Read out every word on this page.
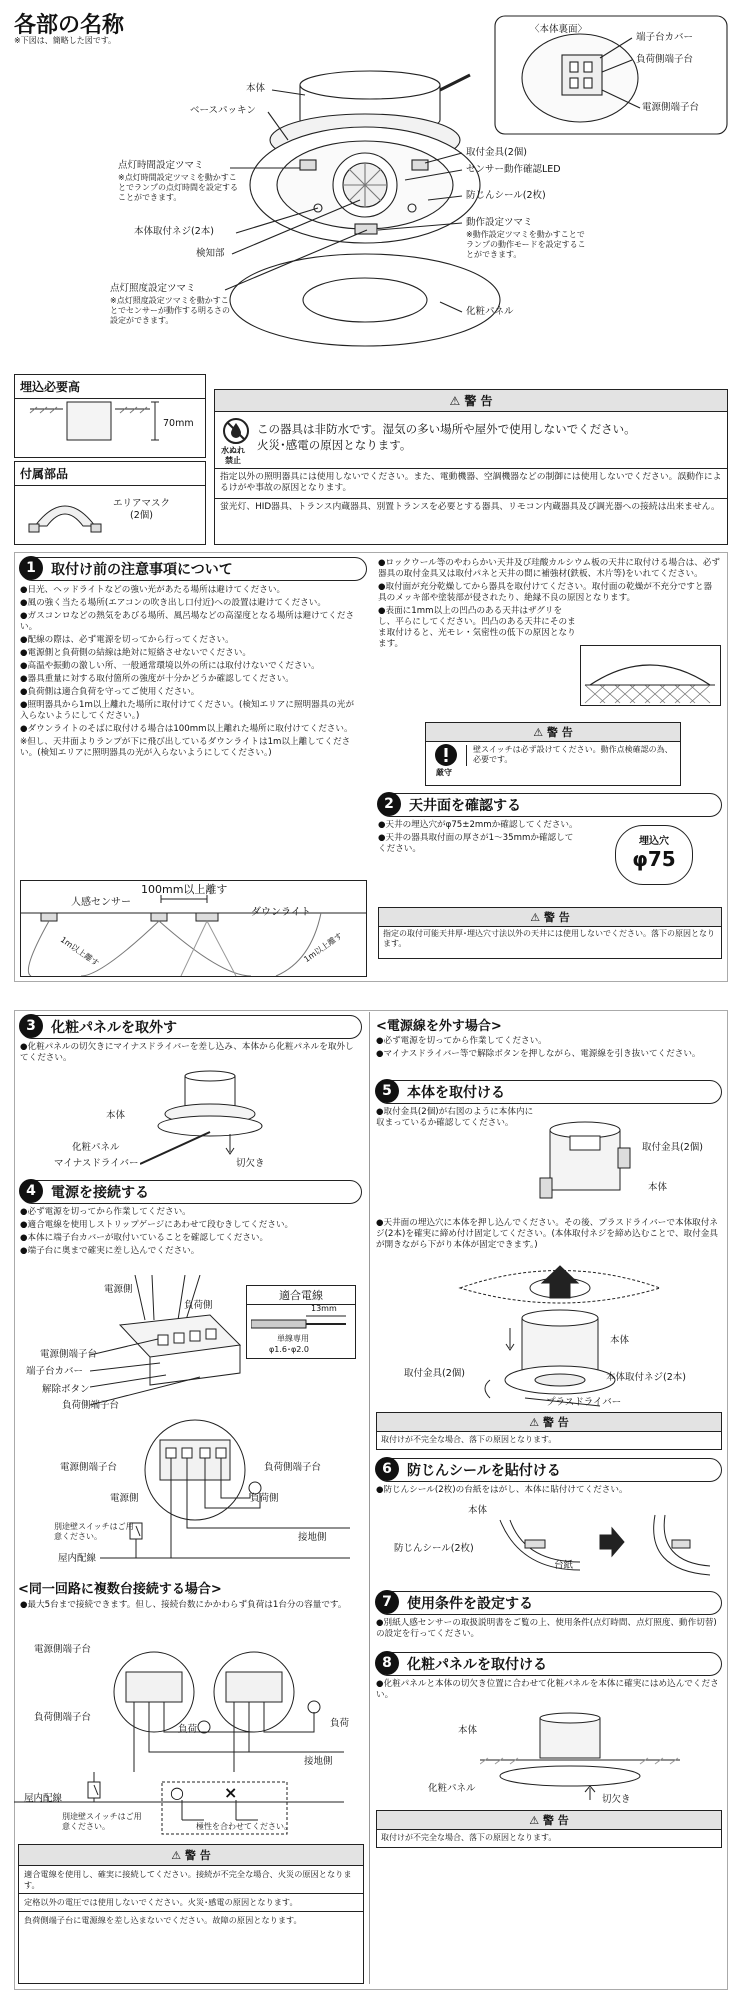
各部の名称
※下図は、簡略した図です。
〈本体裏面〉
端子台カバー
負荷側端子台
電源側端子台
本体
ベースパッキン
点灯時間設定ツマミ
※点灯時間設定ツマミを動かすことでランプの点灯時間を設定することができます。
本体取付ネジ(2本)
検知部
点灯照度設定ツマミ
※点灯照度設定ツマミを動かすことでセンサーが動作する明るさの設定ができます。
取付金具(2個)
センサー動作確認LED
防じんシール(2枚)
動作設定ツマミ
※動作設定ツマミを動かすことでランプの動作モードを設定することができます。
化粧パネル
埋込必要高
70mm
付属部品
エリアマスク
(2個)
⚠ 警 告
水ぬれ
禁止
この器具は非防水です。湿気の多い場所や屋外で使用しないでください。
火災･感電の原因となります。
指定以外の照明器具には使用しないでください。また、電動機器、空調機器などの制御には使用しないでください。誤動作によるけがや事故の原因となります。
蛍光灯、HID器具、トランス内蔵器具、別置トランスを必要とする器具、リモコン内蔵器具及び調光器への接続は出来ません。
1	取付け前の注意事項について

●日光、ヘッドライトなどの強い光があたる場所は避けてください。

●風の強く当たる場所(エアコンの吹き出し口付近)への設置は避けてください。

●ガスコンロなどの熱気をあびる場所、風呂場などの高湿度となる場所は避けてください。

●配線の際は、必ず電源を切ってから行ってください。

●電源側と負荷側の結線は絶対に短絡させないでください。

●高温や振動の激しい所、一般通常環境以外の所には取付けないでください。

●器具重量に対する取付箇所の強度が十分かどうか確認してください。

●負荷側は適合負荷を守ってご使用ください。

●照明器具から1m以上離れた場所に取付けてください。(検知エリアに照明器具の光が入らないようにしてください。)

●ダウンライトのそばに取付ける場合は100mm以上離れた場所に取付けてください。

※但し、天井面よりランプが下に飛び出しているダウンライトは1m以上離してください。(検知エリアに照明器具の光が入らないようにしてください。)

100mm以上離す
人感センサー
ダウンライト
1m以上離す	1m以上離す

●ロックウール等のやわらかい天井及び珪酸カルシウム板の天井に取付ける場合は、必ず器具の取付金具又は取付パネと天井の間に補強材(鉄板、木片等)をいれてください。

●取付面が充分乾燥してから器具を取付けてください。取付面の乾燥が不充分ですと器具のメッキ部や塗装部が侵されたり、絶縁不良の原因となります。

●表面に1mm以上の凹凸のある天井はザグリをし、平らにしてください。凹凸のある天井にそのまま取付けると、光モレ・気密性の低下の原因となります。

⚠ 警 告
厳守
壁スイッチは必ず設けてください。動作点検確認の為、必要です。
2	天井面を確認する

●天井の埋込穴がφ75±2mmか確認してください。

●天井の器具取付面の厚さが1～35mmか確認してください。

埋込穴
φ75
⚠ 警 告
指定の取付可能天井厚･埋込穴寸法以外の天井には使用しないでください。落下の原因となります。
3	化粧パネルを取外す

●化粧パネルの切欠きにマイナスドライバーを差し込み、本体から化粧パネルを取外してください。

本体
化粧パネル
マイナスドライバー	切欠き
4	電源を接続する

●必ず電源を切ってから作業してください。

●適合電線を使用しストリップゲージにあわせて段むきしてください。

●本体に端子台カバーが取付いていることを確認してください。

●端子台に奥まで確実に差し込んでください。

電源側
負荷側
電源側端子台
端子台カバー
解除ボタン
負荷側端子台
適合電線
13mm
単線専用
φ1.6･φ2.0
電源側端子台	負荷側端子台
電源側	負荷側
別途壁スイッチはご用意ください。	接地側
屋内配線
<同一回路に複数台接続する場合>

●最大5台まで接続できます。但し、接続台数にかかわらず負荷は1台分の容量です。

電源側端子台
負荷側端子台
負荷
負荷
接地側
屋内配線
別途壁スイッチはご用意ください。
○	×
極性を合わせてください。
⚠ 警 告
適合電線を使用し、確実に接続してください。接続が不完全な場合、火災の原因となります。
定格以外の電圧では使用しないでください。火災･感電の原因となります。
負荷側端子台に電源線を差し込まないでください。故障の原因となります。
<電源線を外す場合>

●必ず電源を切ってから作業してください。

●マイナスドライバー等で解除ボタンを押しながら、電源線を引き抜いてください。

5	本体を取付ける

●取付金具(2個)が右図のように本体内に収まっているか確認してください。

取付金具(2個)
本体

●天井面の埋込穴に本体を押し込んでください。その後、プラスドライバーで本体取付ネジ(2本)を確実に締め付け固定してください。(本体取付ネジを締め込むことで、取付金具が開きながら下がり本体が固定できます。)

本体
取付金具(2個)	本体取付ネジ(2本)
プラスドライバー
⚠ 警 告
取付けが不完全な場合、落下の原因となります。
6	防じんシールを貼付ける

●防じんシール(2枚)の台紙をはがし、本体に貼付けてください。

本体
防じんシール(2枚)
台紙
7	使用条件を設定する

●別紙人感センサーの取扱説明書をご覧の上、使用条件(点灯時間、点灯照度、動作切替)の設定を行ってください。

8	化粧パネルを取付ける

●化粧パネルと本体の切欠き位置に合わせて化粧パネルを本体に確実にはめ込んでください。

本体
化粧パネル
切欠き
⚠ 警 告
取付けが不完全な場合、落下の原因となります。
